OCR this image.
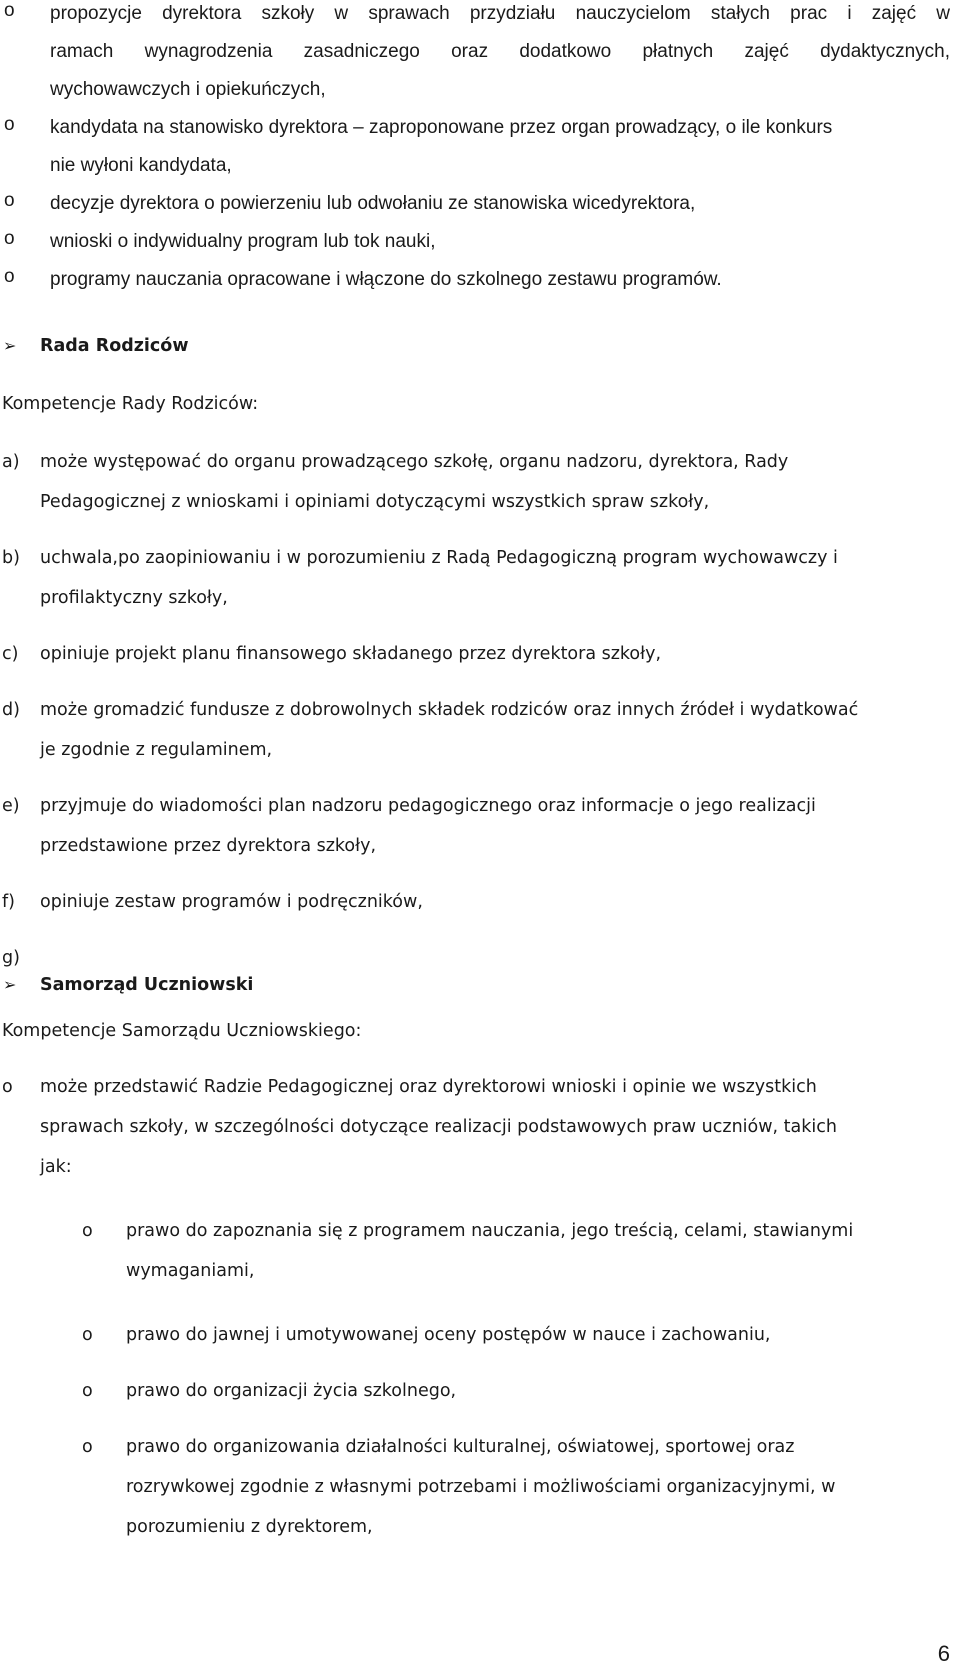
o propozycje dyrektora szkoły w sprawach przydziału nauczycielom stałych prac i zajęć w
ramach wynagrodzenia zasadniczego oraz dodatkowo płatnych zajęć dydaktycznych,
wychowawczych i opiekuńczych,
o kandydata na stanowisko dyrektora – zaproponowane przez organ prowadzący, o ile konkurs
nie wyłoni kandydata,
o decyzje dyrektora o powierzeniu lub odwołaniu ze stanowiska wicedyrektora,
o wnioski o indywidualny program lub tok nauki,
o programy nauczania opracowane i włączone do szkolnego zestawu programów.
➢ Rada Rodziców
Kompetencje Rady Rodziców:
a) może występować do organu prowadzącego szkołę, organu nadzoru, dyrektora, Rady
Pedagogicznej z wnioskami i opiniami dotyczącymi wszystkich spraw szkoły,
b) uchwala,po zaopiniowaniu i w porozumieniu z Radą Pedagogiczną program wychowawczy i
profilaktyczny szkoły,
c) opiniuje projekt planu finansowego składanego przez dyrektora szkoły,
d) może gromadzić fundusze z dobrowolnych składek rodziców oraz innych źródeł i wydatkować
je zgodnie z regulaminem,
e) przyjmuje do wiadomości plan nadzoru pedagogicznego oraz informacje o jego realizacji
przedstawione przez dyrektora szkoły,
f) opiniuje zestaw programów i podręczników,
g)
➢ Samorząd Uczniowski
Kompetencje Samorządu Uczniowskiego:
o może przedstawić Radzie Pedagogicznej oraz dyrektorowi wnioski i opinie we wszystkich
sprawach szkoły, w szczególności dotyczące realizacji podstawowych praw uczniów, takich
jak:
o prawo do zapoznania się z programem nauczania, jego treścią, celami, stawianymi
wymaganiami,
o prawo do jawnej i umotywowanej oceny postępów w nauce i zachowaniu,
o prawo do organizacji życia szkolnego,
o prawo do organizowania działalności kulturalnej, oświatowej, sportowej oraz
rozrywkowej zgodnie z własnymi potrzebami i możliwościami organizacyjnymi, w
porozumieniu z dyrektorem,
6
